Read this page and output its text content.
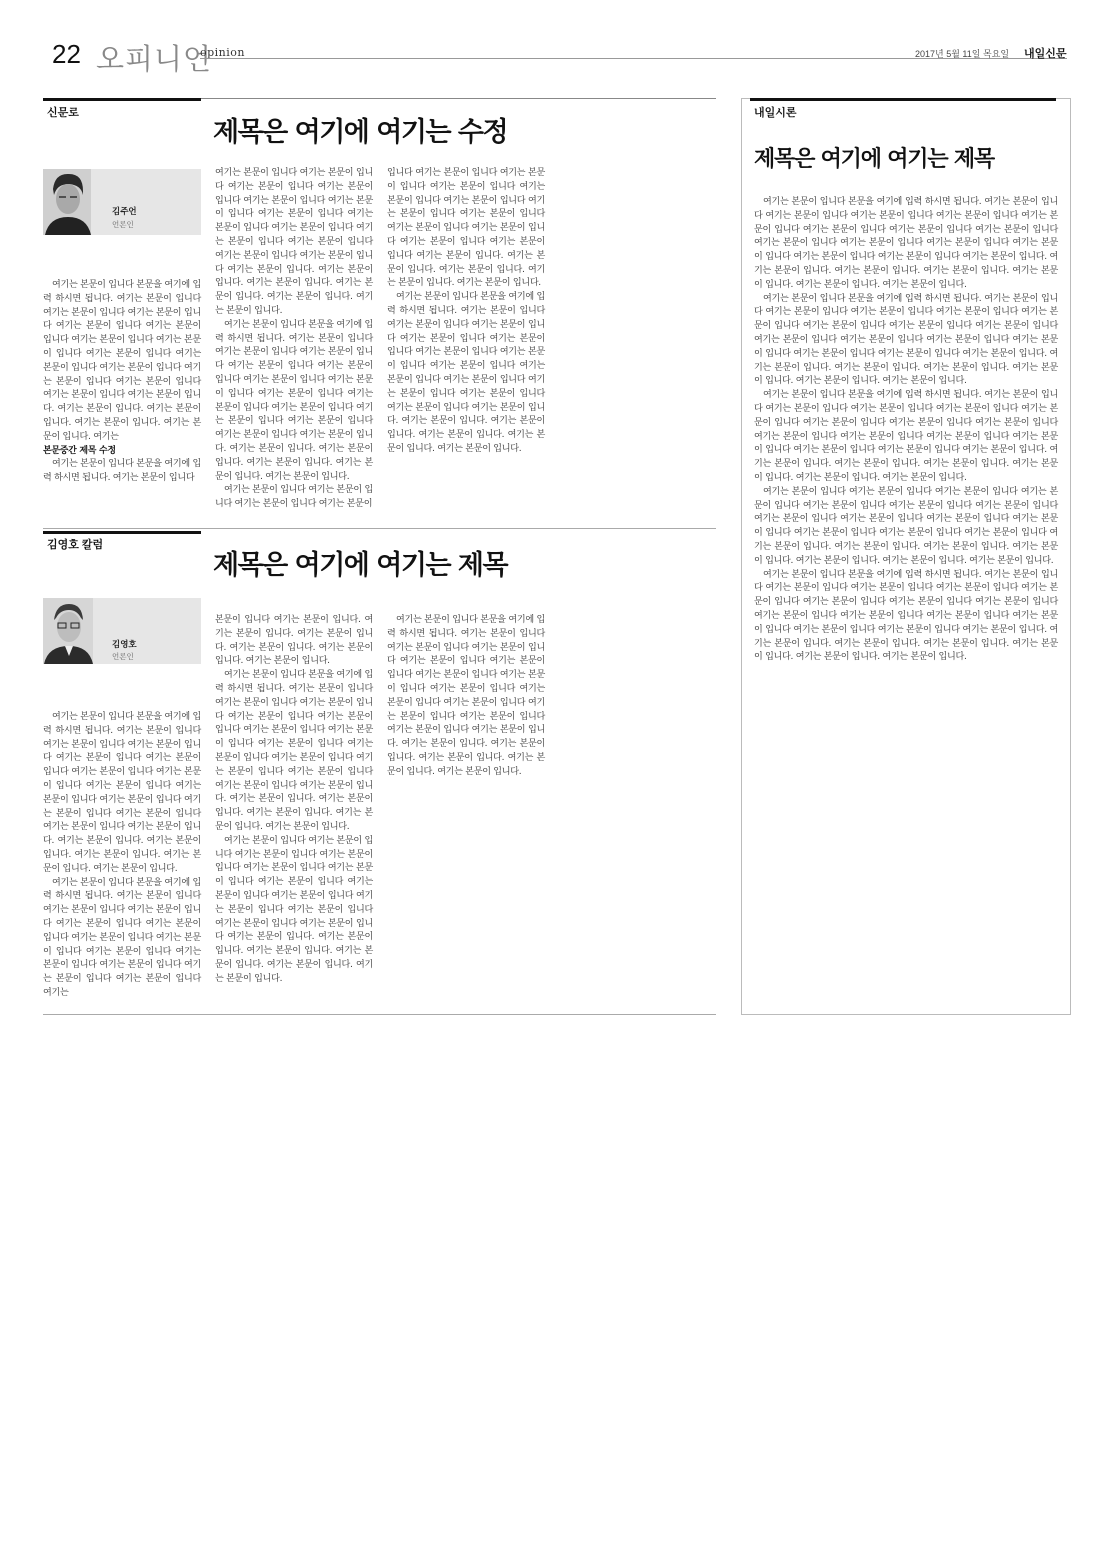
22 오피니언
opinion	2017년 5월 11일 목요일 내일신문
신문로
제목은 여기에 여기는 수정
김주언
언론인

여기는 본문이 입니다 본문을 여기에 입력 하시면 됩니다. 여기는 본문이 입니다 여기는 본문이 입니다 여기는 본문이 입니다 여기는 본문이 입니다 여기는 본문이 입니다 여기는 본문이 입니다 여기는 본문이 입니다 여기는 본문이 입니다 여기는 본문이 입니다 여기는 본문이 입니다 여기는 본문이 입니다 여기는 본문이 입니다 여기는 본문이 입니다 여기는 본문이 입니다. 여기는 본문이 입니다. 여기는 본문이 입니다. 여기는 본문이 입니다. 여기는 본문이 입니다. 여기는

본문중간 제목 수정

여기는 본문이 입니다 본문을 여기에 입력 하시면 됩니다. 여기는 본문이 입니다

여기는 본문이 입니다 여기는 본문이 입니다 여기는 본문이 입니다 여기는 본문이 입니다 여기는 본문이 입니다 여기는 본문이 입니다 여기는 본문이 입니다 여기는 본문이 입니다 여기는 본문이 입니다 여기는 본문이 입니다 여기는 본문이 입니다 여기는 본문이 입니다 여기는 본문이 입니다 여기는 본문이 입니다. 여기는 본문이 입니다. 여기는 본문이 입니다. 여기는 본문이 입니다. 여기는 본문이 입니다. 여기는 본문이 입니다.

여기는 본문이 입니다 본문을 여기에 입력 하시면 됩니다. 여기는 본문이 입니다 여기는 본문이 입니다 여기는 본문이 입니다 여기는 본문이 입니다 여기는 본문이 입니다 여기는 본문이 입니다 여기는 본문이 입니다 여기는 본문이 입니다 여기는 본문이 입니다 여기는 본문이 입니다 여기는 본문이 입니다 여기는 본문이 입니다 여기는 본문이 입니다 여기는 본문이 입니다. 여기는 본문이 입니다. 여기는 본문이 입니다. 여기는 본문이 입니다. 여기는 본문이 입니다. 여기는 본문이 입니다.

여기는 본문이 입니다 여기는 본문이 입니다 여기는 본문이 입니다 여기는 본문이

입니다 여기는 본문이 입니다 여기는 본문이 입니다 여기는 본문이 입니다 여기는 본문이 입니다 여기는 본문이 입니다 여기는 본문이 입니다 여기는 본문이 입니다 여기는 본문이 입니다 여기는 본문이 입니다 여기는 본문이 입니다 여기는 본문이 입니다 여기는 본문이 입니다. 여기는 본문이 입니다. 여기는 본문이 입니다. 여기는 본문이 입니다. 여기는 본문이 입니다.

여기는 본문이 입니다 본문을 여기에 입력 하시면 됩니다. 여기는 본문이 입니다 여기는 본문이 입니다 여기는 본문이 입니다 여기는 본문이 입니다 여기는 본문이 입니다 여기는 본문이 입니다 여기는 본문이 입니다 여기는 본문이 입니다 여기는 본문이 입니다 여기는 본문이 입니다 여기는 본문이 입니다 여기는 본문이 입니다 여기는 본문이 입니다 여기는 본문이 입니다. 여기는 본문이 입니다. 여기는 본문이 입니다. 여기는 본문이 입니다. 여기는 본문이 입니다. 여기는 본문이 입니다.

김영호 칼럼
제목은 여기에 여기는 제목
김영호
언론인

여기는 본문이 입니다 본문을 여기에 입력 하시면 됩니다. 여기는 본문이 입니다 여기는 본문이 입니다 여기는 본문이 입니다 여기는 본문이 입니다 여기는 본문이 입니다 여기는 본문이 입니다 여기는 본문이 입니다 여기는 본문이 입니다 여기는 본문이 입니다 여기는 본문이 입니다 여기는 본문이 입니다 여기는 본문이 입니다 여기는 본문이 입니다 여기는 본문이 입니다. 여기는 본문이 입니다. 여기는 본문이 입니다. 여기는 본문이 입니다. 여기는 본문이 입니다. 여기는 본문이 입니다.

여기는 본문이 입니다 본문을 여기에 입력 하시면 됩니다. 여기는 본문이 입니다 여기는 본문이 입니다 여기는 본문이 입니다 여기는 본문이 입니다 여기는 본문이 입니다 여기는 본문이 입니다 여기는 본문이 입니다 여기는 본문이 입니다 여기는 본문이 입니다 여기는 본문이 입니다 여기는 본문이 입니다 여기는 본문이 입니다 여기는

본문이 입니다 여기는 본문이 입니다. 여기는 본문이 입니다. 여기는 본문이 입니다. 여기는 본문이 입니다. 여기는 본문이 입니다. 여기는 본문이 입니다.

여기는 본문이 입니다 본문을 여기에 입력 하시면 됩니다. 여기는 본문이 입니다 여기는 본문이 입니다 여기는 본문이 입니다 여기는 본문이 입니다 여기는 본문이 입니다 여기는 본문이 입니다 여기는 본문이 입니다 여기는 본문이 입니다 여기는 본문이 입니다 여기는 본문이 입니다 여기는 본문이 입니다 여기는 본문이 입니다 여기는 본문이 입니다 여기는 본문이 입니다. 여기는 본문이 입니다. 여기는 본문이 입니다. 여기는 본문이 입니다. 여기는 본문이 입니다. 여기는 본문이 입니다.

여기는 본문이 입니다 여기는 본문이 입니다 여기는 본문이 입니다 여기는 본문이 입니다 여기는 본문이 입니다 여기는 본문이 입니다 여기는 본문이 입니다 여기는 본문이 입니다 여기는 본문이 입니다 여기는 본문이 입니다 여기는 본문이 입니다 여기는 본문이 입니다 여기는 본문이 입니다 여기는 본문이 입니다. 여기는 본문이 입니다. 여기는 본문이 입니다. 여기는 본문이 입니다. 여기는 본문이 입니다. 여기는 본문이 입니다.

여기는 본문이 입니다 본문을 여기에 입력 하시면 됩니다. 여기는 본문이 입니다 여기는 본문이 입니다 여기는 본문이 입니다 여기는 본문이 입니다 여기는 본문이 입니다 여기는 본문이 입니다 여기는 본문이 입니다 여기는 본문이 입니다 여기는 본문이 입니다 여기는 본문이 입니다 여기는 본문이 입니다 여기는 본문이 입니다 여기는 본문이 입니다 여기는 본문이 입니다. 여기는 본문이 입니다. 여기는 본문이 입니다. 여기는 본문이 입니다. 여기는 본문이 입니다. 여기는 본문이 입니다.

내일시론
제목은 여기에 여기는 제목

여기는 본문이 입니다 본문을 여기에 입력 하시면 됩니다. 여기는 본문이 입니다 여기는 본문이 입니다 여기는 본문이 입니다 여기는 본문이 입니다 여기는 본문이 입니다 여기는 본문이 입니다 여기는 본문이 입니다 여기는 본문이 입니다 여기는 본문이 입니다 여기는 본문이 입니다 여기는 본문이 입니다 여기는 본문이 입니다 여기는 본문이 입니다 여기는 본문이 입니다 여기는 본문이 입니다. 여기는 본문이 입니다. 여기는 본문이 입니다. 여기는 본문이 입니다. 여기는 본문이 입니다. 여기는 본문이 입니다. 여기는 본문이 입니다.

여기는 본문이 입니다 본문을 여기에 입력 하시면 됩니다. 여기는 본문이 입니다 여기는 본문이 입니다 여기는 본문이 입니다 여기는 본문이 입니다 여기는 본문이 입니다 여기는 본문이 입니다 여기는 본문이 입니다 여기는 본문이 입니다 여기는 본문이 입니다 여기는 본문이 입니다 여기는 본문이 입니다 여기는 본문이 입니다 여기는 본문이 입니다 여기는 본문이 입니다 여기는 본문이 입니다. 여기는 본문이 입니다. 여기는 본문이 입니다. 여기는 본문이 입니다. 여기는 본문이 입니다. 여기는 본문이 입니다. 여기는 본문이 입니다.

여기는 본문이 입니다 본문을 여기에 입력 하시면 됩니다. 여기는 본문이 입니다 여기는 본문이 입니다 여기는 본문이 입니다 여기는 본문이 입니다 여기는 본문이 입니다 여기는 본문이 입니다 여기는 본문이 입니다 여기는 본문이 입니다 여기는 본문이 입니다 여기는 본문이 입니다 여기는 본문이 입니다 여기는 본문이 입니다 여기는 본문이 입니다 여기는 본문이 입니다 여기는 본문이 입니다. 여기는 본문이 입니다. 여기는 본문이 입니다. 여기는 본문이 입니다. 여기는 본문이 입니다. 여기는 본문이 입니다. 여기는 본문이 입니다.

여기는 본문이 입니다 여기는 본문이 입니다 여기는 본문이 입니다 여기는 본문이 입니다 여기는 본문이 입니다 여기는 본문이 입니다 여기는 본문이 입니다 여기는 본문이 입니다 여기는 본문이 입니다 여기는 본문이 입니다 여기는 본문이 입니다 여기는 본문이 입니다 여기는 본문이 입니다 여기는 본문이 입니다 여기는 본문이 입니다. 여기는 본문이 입니다. 여기는 본문이 입니다. 여기는 본문이 입니다. 여기는 본문이 입니다. 여기는 본문이 입니다. 여기는 본문이 입니다.

여기는 본문이 입니다 본문을 여기에 입력 하시면 됩니다. 여기는 본문이 입니다 여기는 본문이 입니다 여기는 본문이 입니다 여기는 본문이 입니다 여기는 본문이 입니다 여기는 본문이 입니다 여기는 본문이 입니다 여기는 본문이 입니다 여기는 본문이 입니다 여기는 본문이 입니다 여기는 본문이 입니다 여기는 본문이 입니다 여기는 본문이 입니다 여기는 본문이 입니다 여기는 본문이 입니다. 여기는 본문이 입니다. 여기는 본문이 입니다. 여기는 본문이 입니다. 여기는 본문이 입니다. 여기는 본문이 입니다. 여기는 본문이 입니다.
